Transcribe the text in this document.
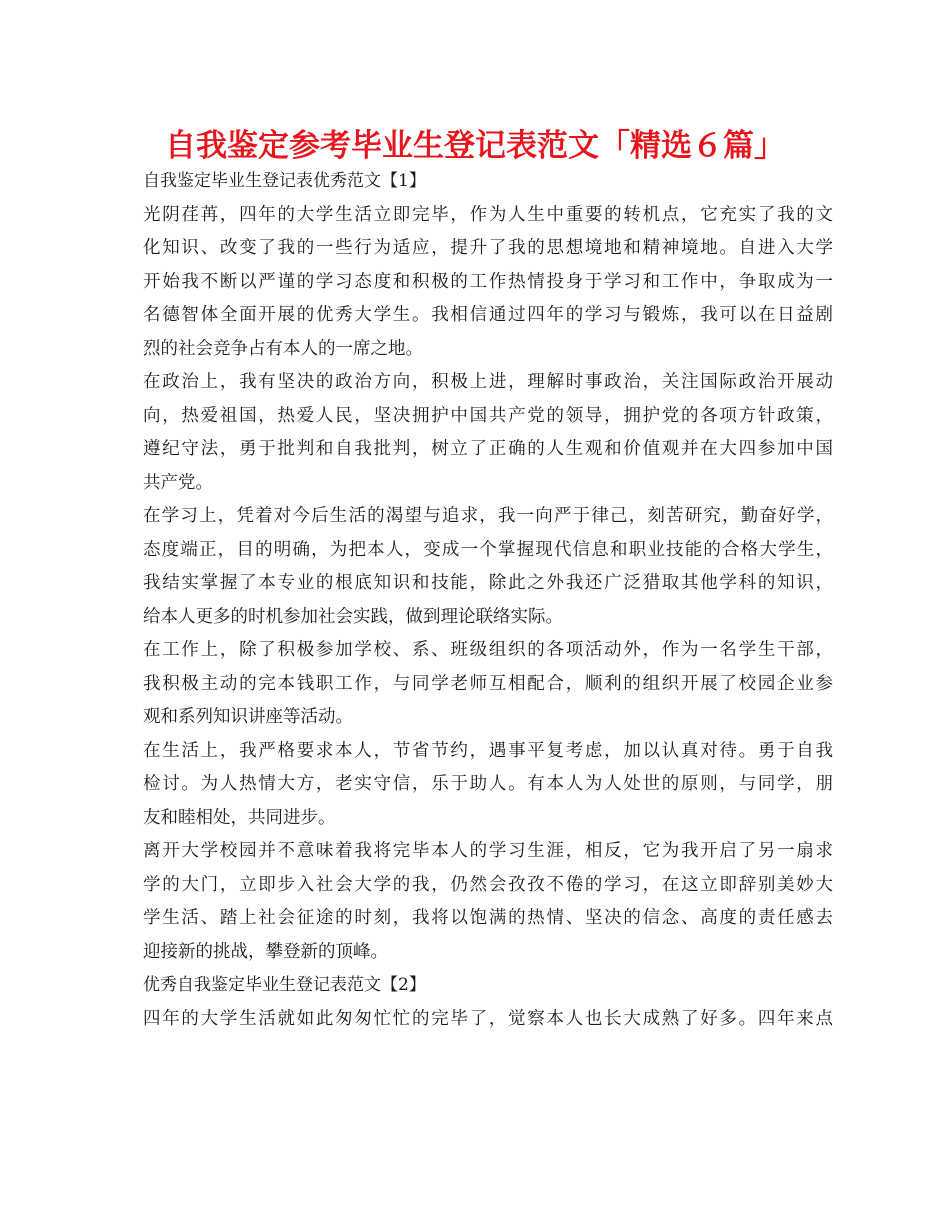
自我鉴定参考毕业生登记表范文「精选６篇」
自我鉴定毕业生登记表优秀范文【1】
光阴荏苒，四年的大学生活立即完毕，作为人生中重要的转机点，它充实了我的文
化知识、改变了我的一些行为适应，提升了我的思想境地和精神境地。自进入大学
开始我不断以严谨的学习态度和积极的工作热情投身于学习和工作中，争取成为一
名德智体全面开展的优秀大学生。我相信通过四年的学习与锻炼，我可以在日益剧
烈的社会竞争占有本人的一席之地。
在政治上，我有坚决的政治方向，积极上进，理解时事政治，关注国际政治开展动
向，热爱祖国，热爱人民，坚决拥护中国共产党的领导，拥护党的各项方针政策，
遵纪守法，勇于批判和自我批判，树立了正确的人生观和价值观并在大四参加中国
共产党。
在学习上，凭着对今后生活的渴望与追求，我一向严于律己，刻苦研究，勤奋好学，
态度端正，目的明确，为把本人，变成一个掌握现代信息和职业技能的合格大学生，
我结实掌握了本专业的根底知识和技能，除此之外我还广泛猎取其他学科的知识，
给本人更多的时机参加社会实践，做到理论联络实际。
在工作上，除了积极参加学校、系、班级组织的各项活动外，作为一名学生干部，
我积极主动的完本钱职工作，与同学老师互相配合，顺利的组织开展了校园企业参
观和系列知识讲座等活动。
在生活上，我严格要求本人，节省节约，遇事平复考虑，加以认真对待。勇于自我
检讨。为人热情大方，老实守信，乐于助人。有本人为人处世的原则，与同学，朋
友和睦相处，共同进步。
离开大学校园并不意味着我将完毕本人的学习生涯，相反，它为我开启了另一扇求
学的大门，立即步入社会大学的我，仍然会孜孜不倦的学习，在这立即辞别美妙大
学生活、踏上社会征途的时刻，我将以饱满的热情、坚决的信念、高度的责任感去
迎接新的挑战，攀登新的顶峰。
优秀自我鉴定毕业生登记表范文【2】
四年的大学生活就如此匆匆忙忙的完毕了，觉察本人也长大成熟了好多。四年来点
